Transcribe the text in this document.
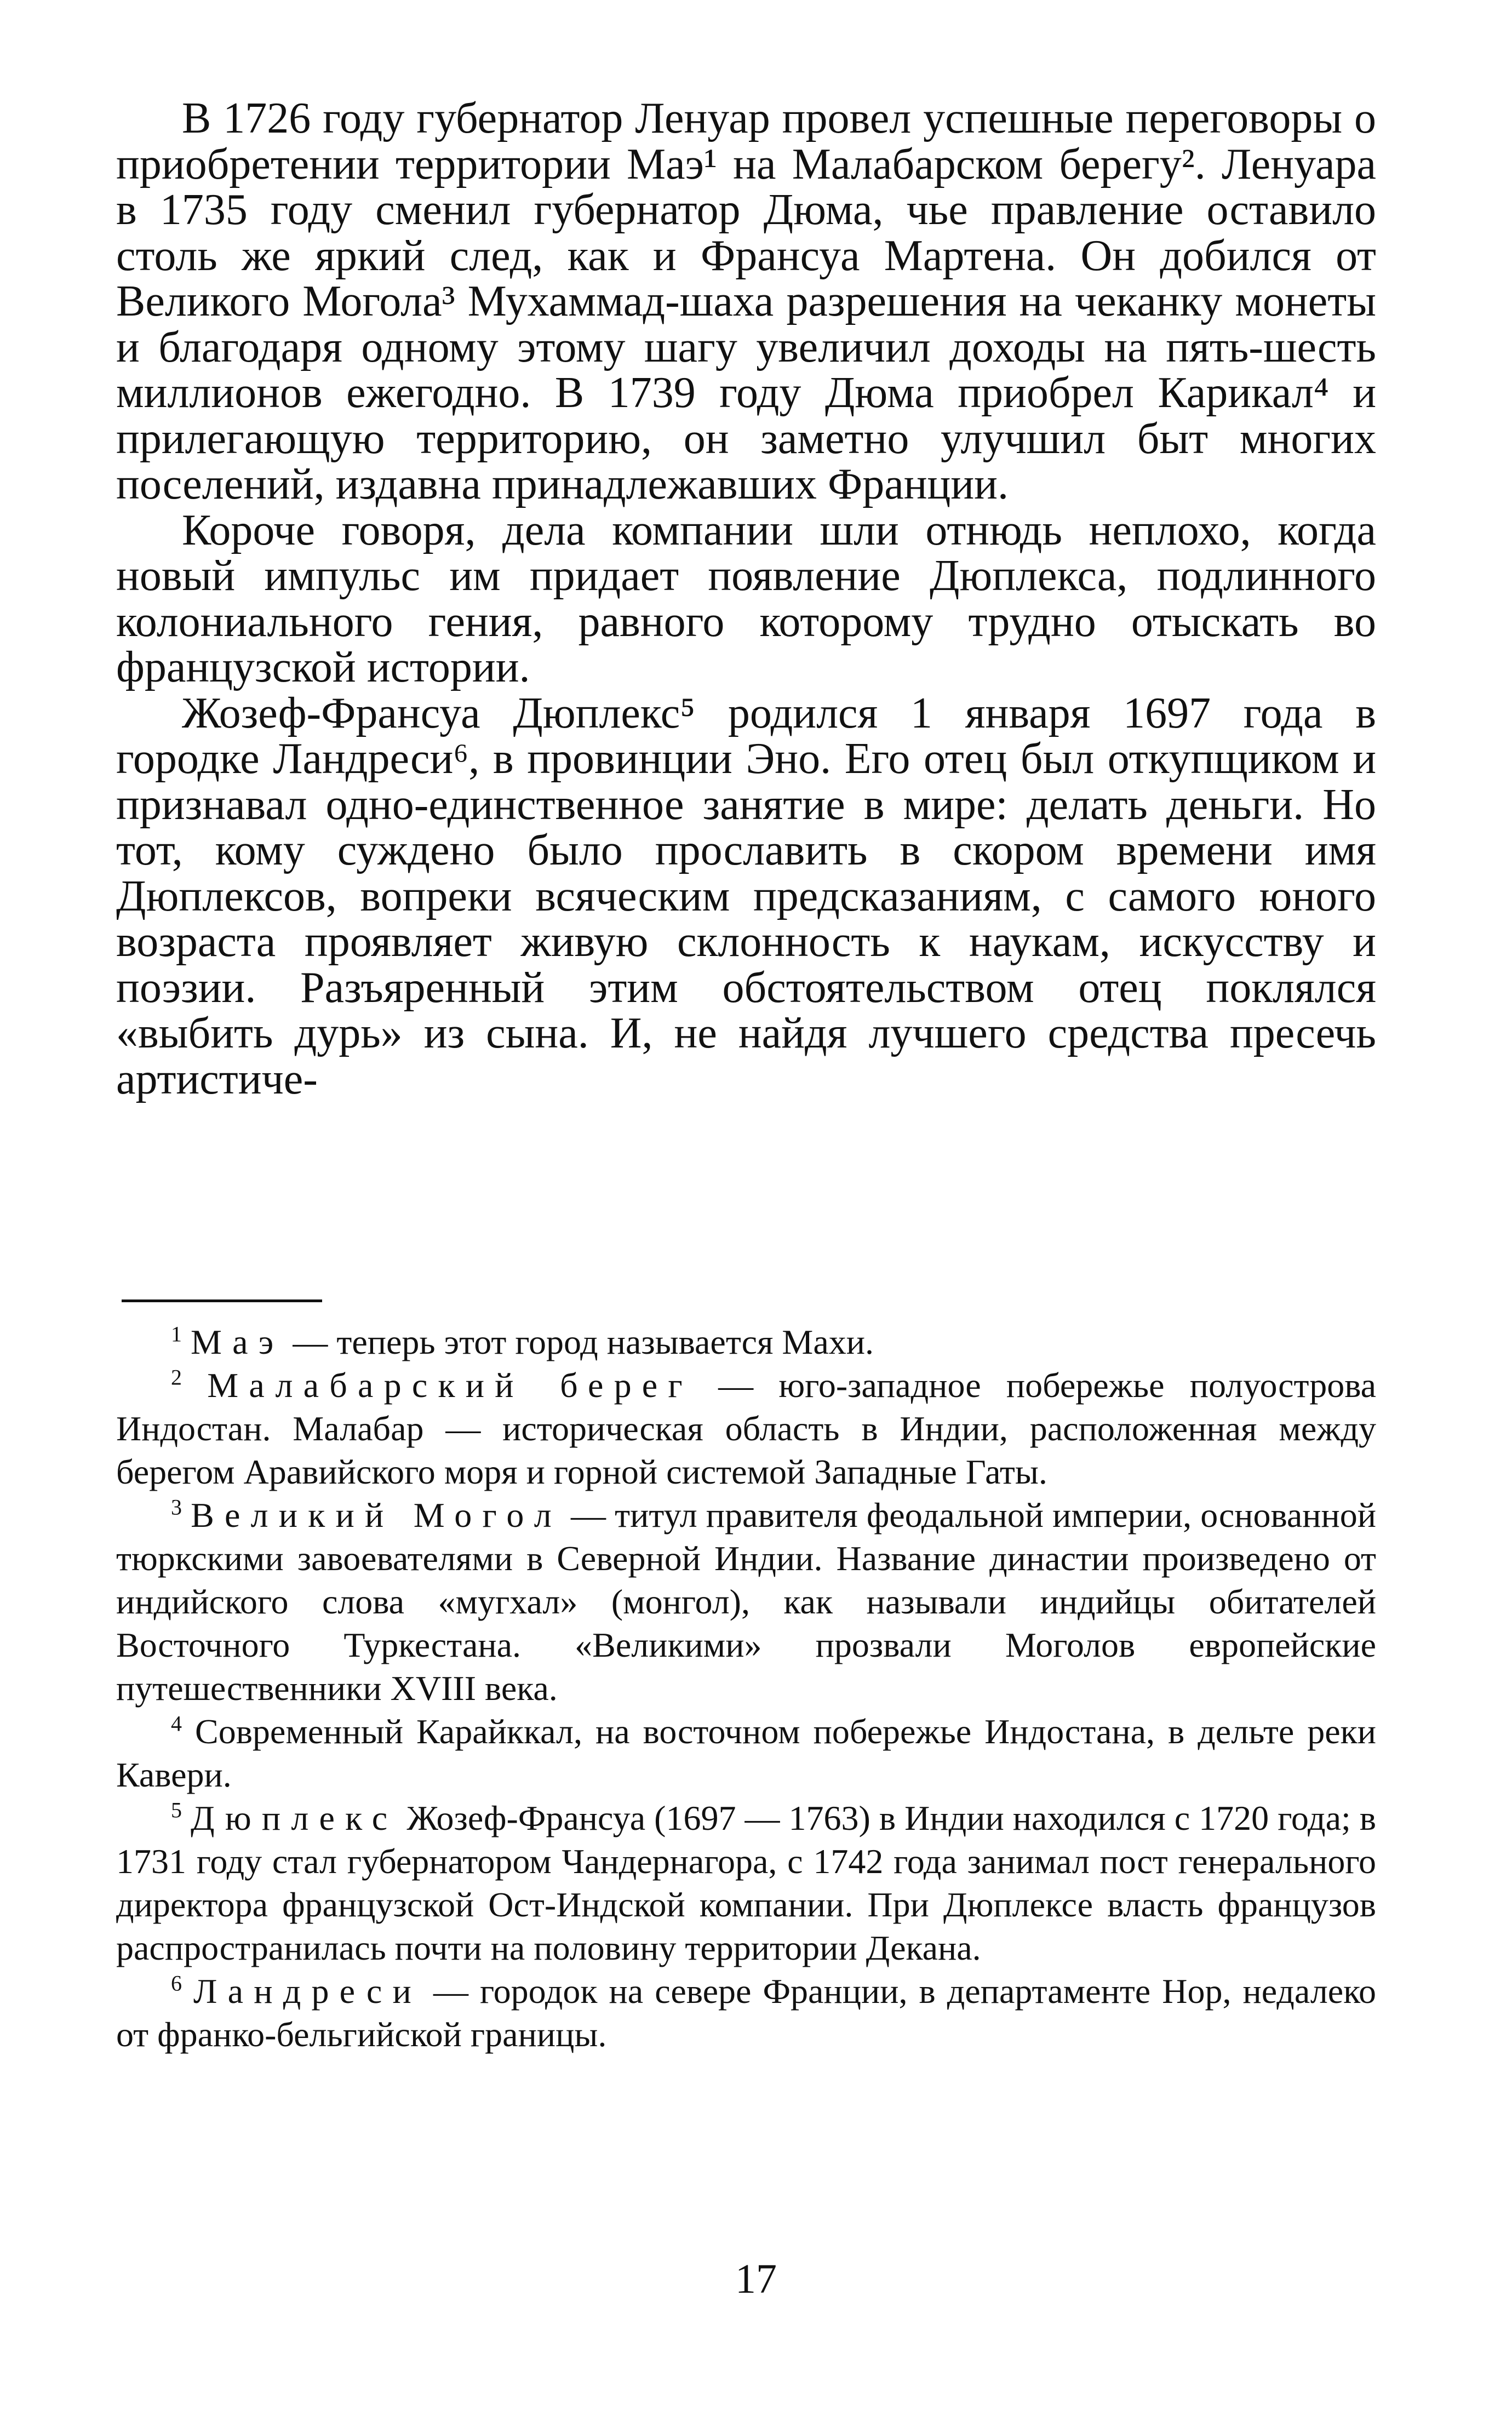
В 1726 году губернатор Ленуар провел успешные переговоры о приобретении территории Маэ¹ на Малабарском берегу². Ленуара в 1735 году сменил губернатор Дюма, чье правление оставило столь же яркий след, как и Франсуа Мартена. Он добился от Великого Могола³ Мухаммад-шаха разрешения на чеканку монеты и благодаря одному этому шагу увеличил доходы на пять-шесть миллионов ежегодно. В 1739 году Дюма приобрел Карикал⁴ и прилегающую территорию, он заметно улучшил быт многих поселений, издавна принадлежавших Франции.

Короче говоря, дела компании шли отнюдь неплохо, когда новый импульс им придает появление Дюплекса, подлинного колониального гения, равного которому трудно отыскать во французской истории.

Жозеф-Франсуа Дюплекс⁵ родился 1 января 1697 года в городке Ландреси⁶, в провинции Эно. Его отец был откупщиком и признавал одно-единственное занятие в мире: делать деньги. Но тот, кому суждено было прославить в скором времени имя Дюплексов, вопреки всяческим предсказаниям, с самого юного возраста проявляет живую склонность к наукам, искусству и поэзии. Разъяренный этим обстоятельством отец поклялся «выбить дурь» из сына. И, не найдя лучшего средства пресечь артистиче-

$^1$ Маэ — теперь этот город называется Махи.

$^2$ Малабарский берег — юго-западное побережье полуострова Индостан. Малабар — историческая область в Индии, расположенная между берегом Аравийского моря и горной системой Западные Гаты.

$^3$ Великий Могол — титул правителя феодальной империи, основанной тюркскими завоевателями в Северной Индии. Название династии произведено от индийского слова «мугхал» (монгол), как называли индийцы обитателей Восточного Туркестана. «Великими» прозвали Моголов европейские путешественники XVIII века.

$^4$ Современный Карайккал, на восточном побережье Индостана, в дельте реки Кавери.

$^5$ Дюплекс Жозеф-Франсуа (1697 — 1763) в Индии находился с 1720 года; в 1731 году стал губернатором Чандернагора, с 1742 года занимал пост генерального директора французской Ост-Индской компании. При Дюплексе власть французов распространилась почти на половину территории Декана.

$^6$ Ландреси — городок на севере Франции, в департаменте Нор, недалеко от франко-бельгийской границы.

17
